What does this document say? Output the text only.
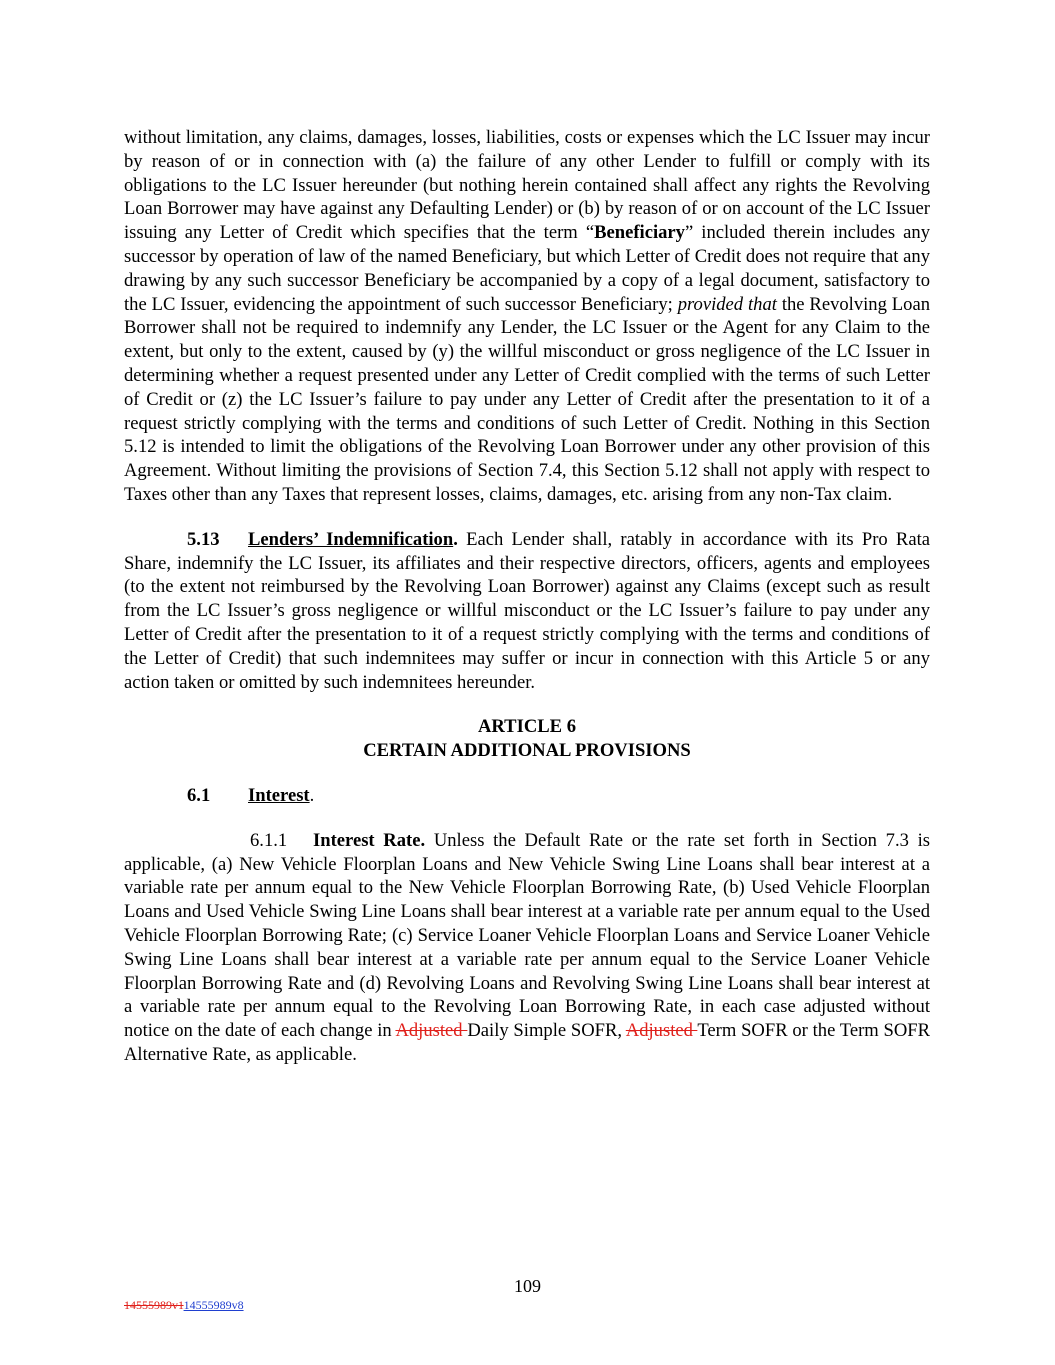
without limitation, any claims, damages, losses, liabilities, costs or expenses which the LC Issuer may incur by reason of or in connection with (a) the failure of any other Lender to fulfill or comply with its obligations to the LC Issuer hereunder (but nothing herein contained shall affect any rights the Revolving Loan Borrower may have against any Defaulting Lender) or (b) by reason of or on account of the LC Issuer issuing any Letter of Credit which specifies that the term “Beneficiary” included therein includes any successor by operation of law of the named Beneficiary, but which Letter of Credit does not require that any drawing by any such successor Beneficiary be accompanied by a copy of a legal document, satisfactory to the LC Issuer, evidencing the appointment of such successor Beneficiary; provided that the Revolving Loan Borrower shall not be required to indemnify any Lender, the LC Issuer or the Agent for any Claim to the extent, but only to the extent, caused by (y) the willful misconduct or gross negligence of the LC Issuer in determining whether a request presented under any Letter of Credit complied with the terms of such Letter of Credit or (z) the LC Issuer’s failure to pay under any Letter of Credit after the presentation to it of a request strictly complying with the terms and conditions of such Letter of Credit. Nothing in this Section 5.12 is intended to limit the obligations of the Revolving Loan Borrower under any other provision of this Agreement. Without limiting the provisions of Section 7.4, this Section 5.12 shall not apply with respect to Taxes other than any Taxes that represent losses, claims, damages, etc. arising from any non-Tax claim.

5.13 Lenders’ Indemnification. Each Lender shall, ratably in accordance with its Pro Rata Share, indemnify the LC Issuer, its affiliates and their respective directors, officers, agents and employees (to the extent not reimbursed by the Revolving Loan Borrower) against any Claims (except such as result from the LC Issuer’s gross negligence or willful misconduct or the LC Issuer’s failure to pay under any Letter of Credit after the presentation to it of a request strictly complying with the terms and conditions of the Letter of Credit) that such indemnitees may suffer or incur in connection with this Article 5 or any action taken or omitted by such indemnitees hereunder.

ARTICLE 6
CERTAIN ADDITIONAL PROVISIONS

6.1 Interest.

6.1.1 Interest Rate. Unless the Default Rate or the rate set forth in Section 7.3 is applicable, (a) New Vehicle Floorplan Loans and New Vehicle Swing Line Loans shall bear interest at a variable rate per annum equal to the New Vehicle Floorplan Borrowing Rate, (b) Used Vehicle Floorplan Loans and Used Vehicle Swing Line Loans shall bear interest at a variable rate per annum equal to the Used Vehicle Floorplan Borrowing Rate; (c) Service Loaner Vehicle Floorplan Loans and Service Loaner Vehicle Swing Line Loans shall bear interest at a variable rate per annum equal to the Service Loaner Vehicle Floorplan Borrowing Rate and (d) Revolving Loans and Revolving Swing Line Loans shall bear interest at a variable rate per annum equal to the Revolving Loan Borrowing Rate, in each case adjusted without notice on the date of each change in Adjusted Daily Simple SOFR, Adjusted Term SOFR or the Term SOFR Alternative Rate, as applicable.

109
14555989v114555989v8
